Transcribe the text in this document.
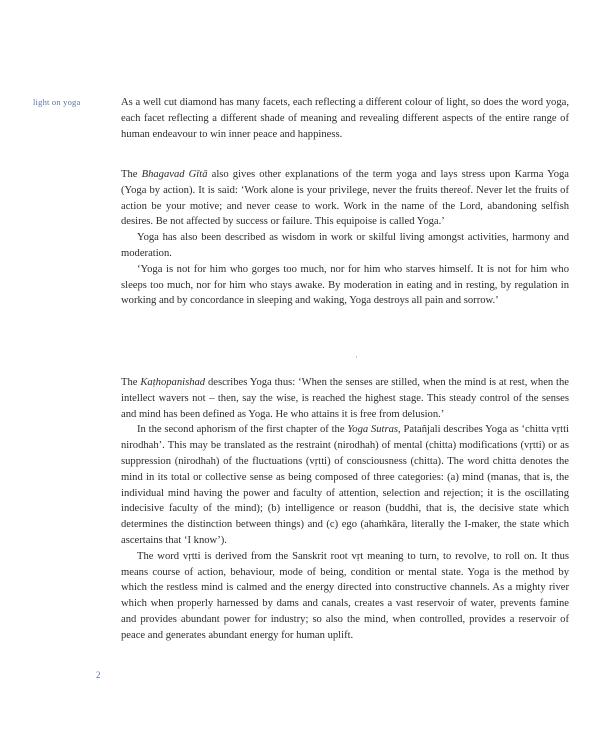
light on yoga	As a well cut diamond has many facets, each reflecting a different colour of light, so does the word yoga, each facet reflecting a different shade of meaning and revealing different aspects of the entire range of human endeavour to win inner peace and happiness.

The Bhagavad Gītā also gives other explanations of the term yoga and lays stress upon Karma Yoga (Yoga by action). It is said: ‘Work alone is your privilege, never the fruits thereof. Never let the fruits of action be your motive; and never cease to work. Work in the name of the Lord, abandoning selfish desires. Be not affected by success or failure. This equipoise is called Yoga.’

Yoga has also been described as wisdom in work or skilful living amongst activities, harmony and moderation.

‘Yoga is not for him who gorges too much, nor for him who starves himself. It is not for him who sleeps too much, nor for him who stays awake. By moderation in eating and in resting, by regulation in working and by concordance in sleeping and waking, Yoga destroys all pain and sorrow.’

The Kaṭhopanishad describes Yoga thus: ‘When the senses are stilled, when the mind is at rest, when the intellect wavers not – then, say the wise, is reached the highest stage. This steady control of the senses and mind has been defined as Yoga. He who attains it is free from delusion.’

In the second aphorism of the first chapter of the Yoga Sutras, Patañjali describes Yoga as ‘chitta vṛtti nirodhah’. This may be translated as the restraint (nirodhah) of mental (chitta) modifications (vṛtti) or as suppression (nirodhah) of the fluctuations (vṛtti) of consciousness (chitta). The word chitta denotes the mind in its total or collective sense as being composed of three categories: (a) mind (manas, that is, the individual mind having the power and faculty of attention, selection and rejection; it is the oscillating indecisive faculty of the mind); (b) intelligence or reason (buddhi, that is, the decisive state which determines the distinction between things) and (c) ego (ahaṁkāra, literally the I-maker, the state which ascertains that ‘I know’).

The word vṛtti is derived from the Sanskrit root vṛt meaning to turn, to revolve, to roll on. It thus means course of action, behaviour, mode of being, condition or mental state. Yoga is the method by which the restless mind is calmed and the energy directed into constructive channels. As a mighty river which when properly harnessed by dams and canals, creates a vast reservoir of water, prevents famine and provides abundant power for industry; so also the mind, when controlled, provides a reservoir of peace and generates abundant energy for human uplift.

2
